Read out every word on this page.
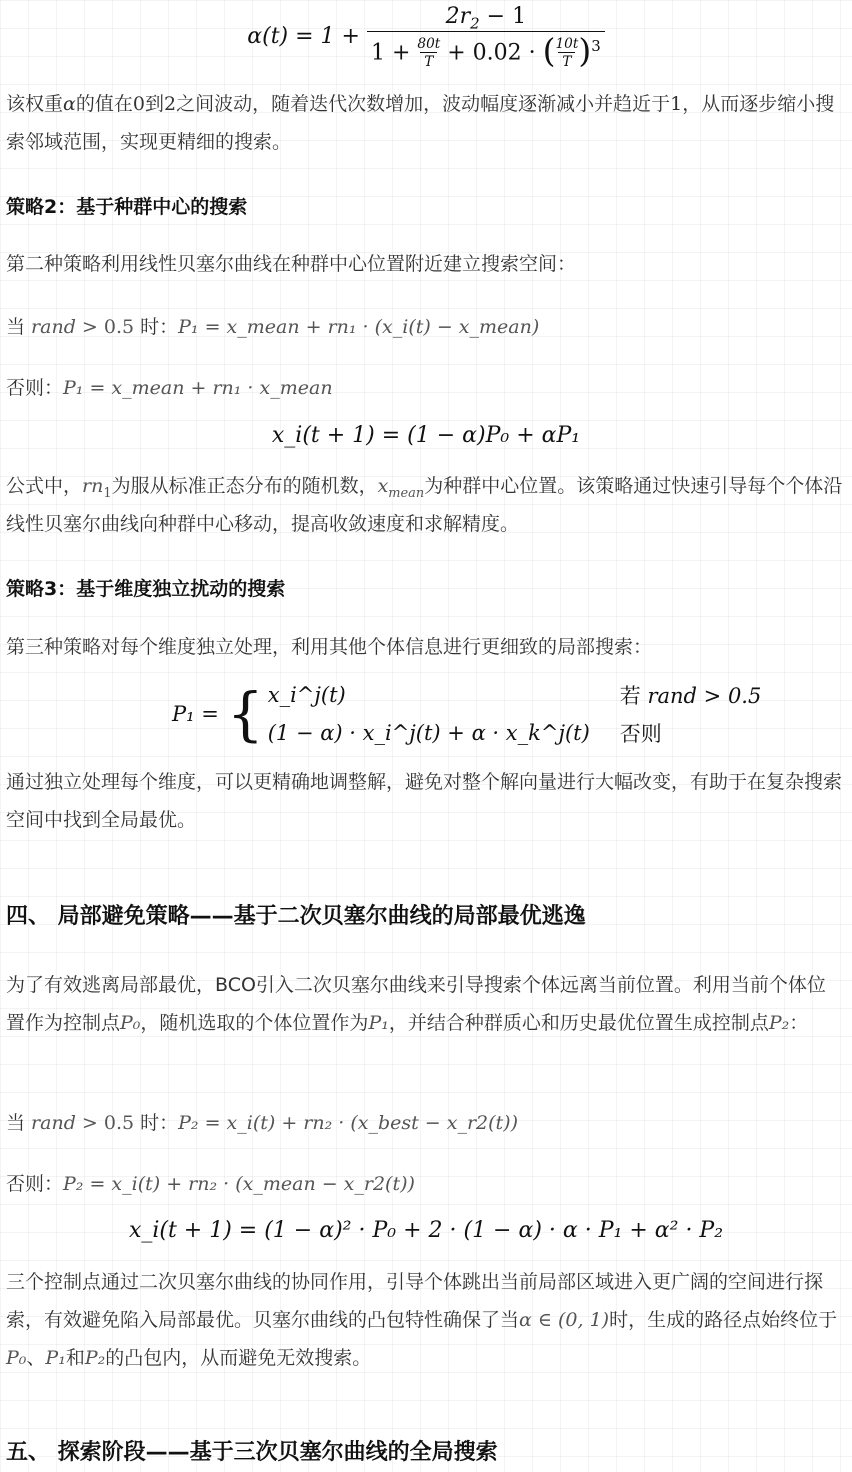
$\alpha(t) = 1 + \frac{2r_2 - 1}{1 + \frac{80t}{T} + 0.02 \cdot ( \frac{10t}{T} )^3}$
该权重α的值在0到2之间波动，随着迭代次数增加，波动幅度逐渐减小并趋近于1，从而逐步缩小搜索邻域范围，实现更精细的搜索。
策略2：基于种群中心的搜索
第二种策略利用线性贝塞尔曲线在种群中心位置附近建立搜索空间：
当 rand > 0.5 时：P₁ = x_mean + rn₁ · (x_i(t) − x_mean)
否则：P₁ = x_mean + rn₁ · x_mean
x_i(t + 1) = (1 − α)P₀ + αP₁
公式中，$rn_1$为服从标准正态分布的随机数，$x_{mean}$为种群中心位置。该策略通过快速引导每个个体沿线性贝塞尔曲线向种群中心移动，提高收敛速度和求解精度。
策略3：基于维度独立扰动的搜索
第三种策略对每个维度独立处理，利用其他个体信息进行更细致的局部搜索：
P₁ = { x_i^j(t)	若 rand > 0.5
(1 − α) · x_i^j(t) + α · x_k^j(t)	否则
通过独立处理每个维度，可以更精确地调整解，避免对整个解向量进行大幅改变，有助于在复杂搜索空间中找到全局最优。
四、 局部避免策略——基于二次贝塞尔曲线的局部最优逃逸
为了有效逃离局部最优，BCO引入二次贝塞尔曲线来引导搜索个体远离当前位置。利用当前个体位置作为控制点P₀，随机选取的个体位置作为P₁，并结合种群质心和历史最优位置生成控制点P₂：
当 rand > 0.5 时：P₂ = x_i(t) + rn₂ · (x_best − x_r2(t))
否则：P₂ = x_i(t) + rn₂ · (x_mean − x_r2(t))
x_i(t + 1) = (1 − α)² · P₀ + 2 · (1 − α) · α · P₁ + α² · P₂
三个控制点通过二次贝塞尔曲线的协同作用，引导个体跳出当前局部区域进入更广阔的空间进行探索，有效避免陷入局部最优。贝塞尔曲线的凸包特性确保了当α ∈ (0, 1)时，生成的路径点始终位于P₀、P₁和P₂的凸包内，从而避免无效搜索。
五、 探索阶段——基于三次贝塞尔曲线的全局搜索
